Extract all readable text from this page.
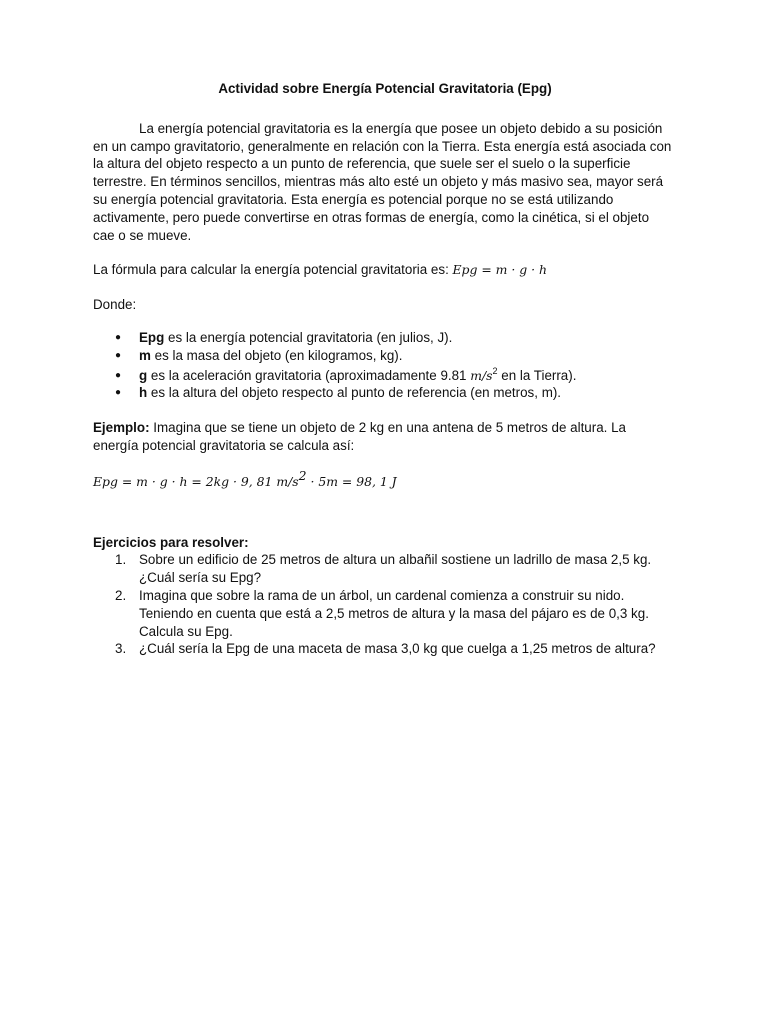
Actividad sobre Energía Potencial Gravitatoria (Epg)

La energía potencial gravitatoria es la energía que posee un objeto debido a su posición en un campo gravitatorio, generalmente en relación con la Tierra. Esta energía está asociada con la altura del objeto respecto a un punto de referencia, que suele ser el suelo o la superficie terrestre. En términos sencillos, mientras más alto esté un objeto y más masivo sea, mayor será su energía potencial gravitatoria. Esta energía es potencial porque no se está utilizando activamente, pero puede convertirse en otras formas de energía, como la cinética, si el objeto cae o se mueve.

La fórmula para calcular la energía potencial gravitatoria es: Epg = m · g · h

Donde:

● Epg es la energía potencial gravitatoria (en julios, J).
● m es la masa del objeto (en kilogramos, kg).
● g es la aceleración gravitatoria (aproximadamente 9.81 $m/s^2$ en la Tierra).
● h es la altura del objeto respecto al punto de referencia (en metros, m).

Ejemplo: Imagina que se tiene un objeto de 2 kg en una antena de 5 metros de altura. La energía potencial gravitatoria se calcula así:

Epg = m · g · h = 2kg · 9, 81 $m/s^2 \cdot 5m = 98$, 1 J

Ejercicios para resolver:

1. Sobre un edificio de 25 metros de altura un albañil sostiene un ladrillo de masa 2,5 kg. ¿Cuál sería su Epg?
2. Imagina que sobre la rama de un árbol, un cardenal comienza a construir su nido. Teniendo en cuenta que está a 2,5 metros de altura y la masa del pájaro es de 0,3 kg. Calcula su Epg.
3. ¿Cuál sería la Epg de una maceta de masa 3,0 kg que cuelga a 1,25 metros de altura?
